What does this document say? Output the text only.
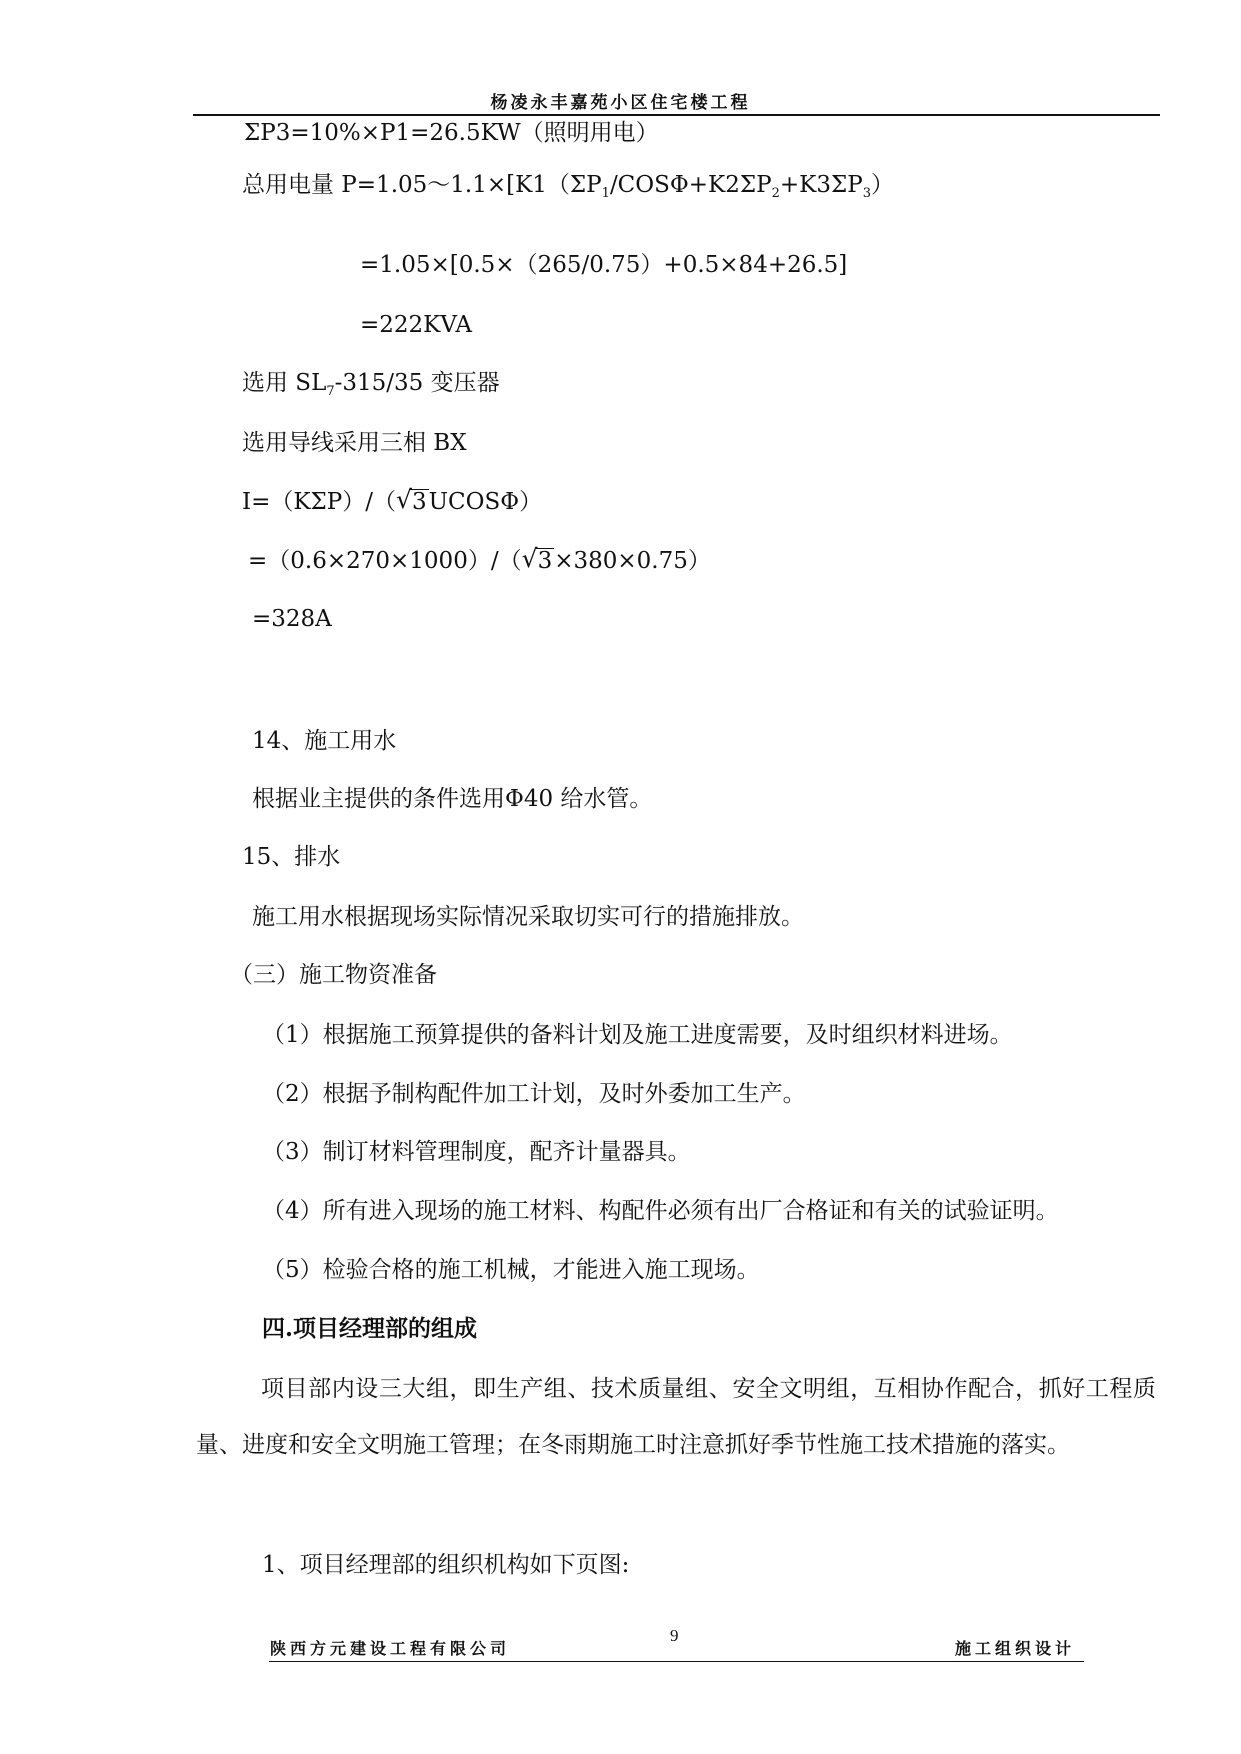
杨凌永丰嘉苑小区住宅楼工程
ΣP3=10%×P1=26.5KW（照明用电）
总用电量 $P=1.05\sim 1.1\times[K1(\Sigma P_1/COS\Phi+K2\Sigma P_2+K3\Sigma P_3)$
=1.05×[0.5×（265/0.75）+0.5×84+26.5]
=222KVA
选用 $SL_7-315/35$ 变压器
选用导线采用三相 BX
I=（KΣP）/（ √ 3UCOSΦ）
=（0.6×270×1000）/（ √ 3×380×0.75）
=328A
14、施工用水
根据业主提供的条件选用Φ40 给水管。
15、排水
施工用水根据现场实际情况采取切实可行的措施排放。
（三）施工物资准备
（1）根据施工预算提供的备料计划及施工进度需要，及时组织材料进场。
（2）根据予制构配件加工计划，及时外委加工生产。
（3）制订材料管理制度，配齐计量器具。
（4）所有进入现场的施工材料、构配件必须有出厂合格证和有关的试验证明。
（5）检验合格的施工机械，才能进入施工现场。
四.项目经理部的组成
项目部内设三大组，即生产组、技术质量组、安全文明组，互相协作配合，抓好工程质量、进度和安全文明施工管理；在冬雨期施工时注意抓好季节性施工技术措施的落实。
1、项目经理部的组织机构如下页图:
陕西方元建设工程有限公司
9
施工组织设计
